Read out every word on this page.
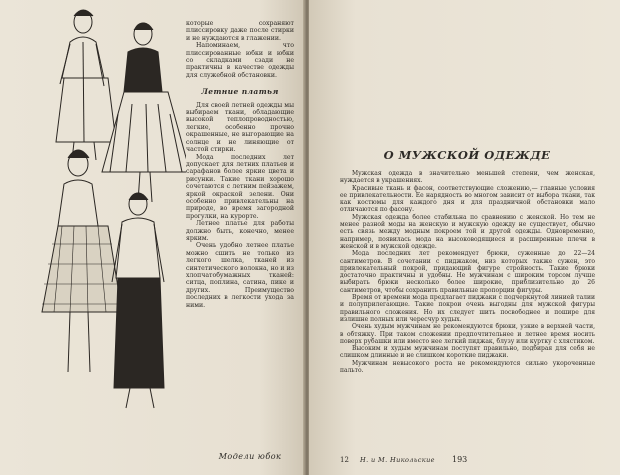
которые сохраняют плиссировку даже после стирки и не нуждаются в глажении.

Напоминаем, что плиссированные юбки и юбки со складками сзади не практичны в качестве одежды для служебной обстановки.

Летние платья

Для своей летней одежды мы выбираем ткани, обладающие высокой теплопроводностью, легкие, особенно прочно окрашенные, не выгорающие на солнце и не линяющие от частой стирки.

Мода последних лет допускает для летних платьев и сарафанов более яркие цвета и рисунки. Такие ткани хорошо сочетаются с летним пейзажем, яркой окраской зелени. Они особенно привлекательны на природе, во время загородной прогулки, на курорте.

Летнее платье для работы должно быть, конечно, менее ярким.

Очень удобно летнее платье можно сшить не только из легкого шелка, тканей из синтетического волокна, но и из хлопчатобумажных тканей: ситца, поплина, сатина, пике и других. Преимущество последних в легкости ухода за ними.

Модели юбок
О МУЖСКОЙ ОДЕЖДЕ

Мужская одежда в значительно меньшей степени, чем женская, нуждается в украшениях.

Красивые ткань и фасон, соответствующие сложению,— главные условия ее привлекательности. Ее нарядность во многом зависит от выбора ткани, так как костюмы для каждого дня и для праздничной обстановки мало отличаются по фасону.

Мужская одежда более стабильна по сравнению с женской. Но тем не менее разной моды на женскую и мужскую одежду не существует, обычно есть связь между модным покроем той и другой одежды. Одновременно, например, появилась мода на высоководящиеся и расширенные плечи в женской и в мужской одежде.

Мода последних лет рекомендует брюки, суженные до 22—24 сантиметров. В сочетании с пиджаком, низ которых также сужен, это привлекательный покрой, придающий фигуре стройность. Такие брюки достаточно практичны и удобны. Не мужчинам с широким торсом лучше выбирать брюки несколько более широкие, приблизительно до 26 сантиметров, чтобы сохранить правильные пропорции фигуры.

Время от времени мода предлагает пиджаки с подчеркнутой линией талии и полуприлегающие. Такие покрои очень выгодны для мужской фигуры правильного сложения. Но их следует шить посвободнее и пошире для излишне полных или чересчур худых.

Очень худым мужчинам не рекомендуются брюки, узкие в верхней части, в обтяжку. При таком сложении предпочтительнее и летнее время носить поверх рубашки или вместо нее легкий пиджак, блузу или куртку с хлястиком.

Высоким и худым мужчинам поступят правильно, подбирая для себя не слишком длинные и не слишком короткие пиджаки.

Мужчинам невысокого роста не рекомендуются сильно укороченные пальто.

12 Н. и М. Никольские 193
